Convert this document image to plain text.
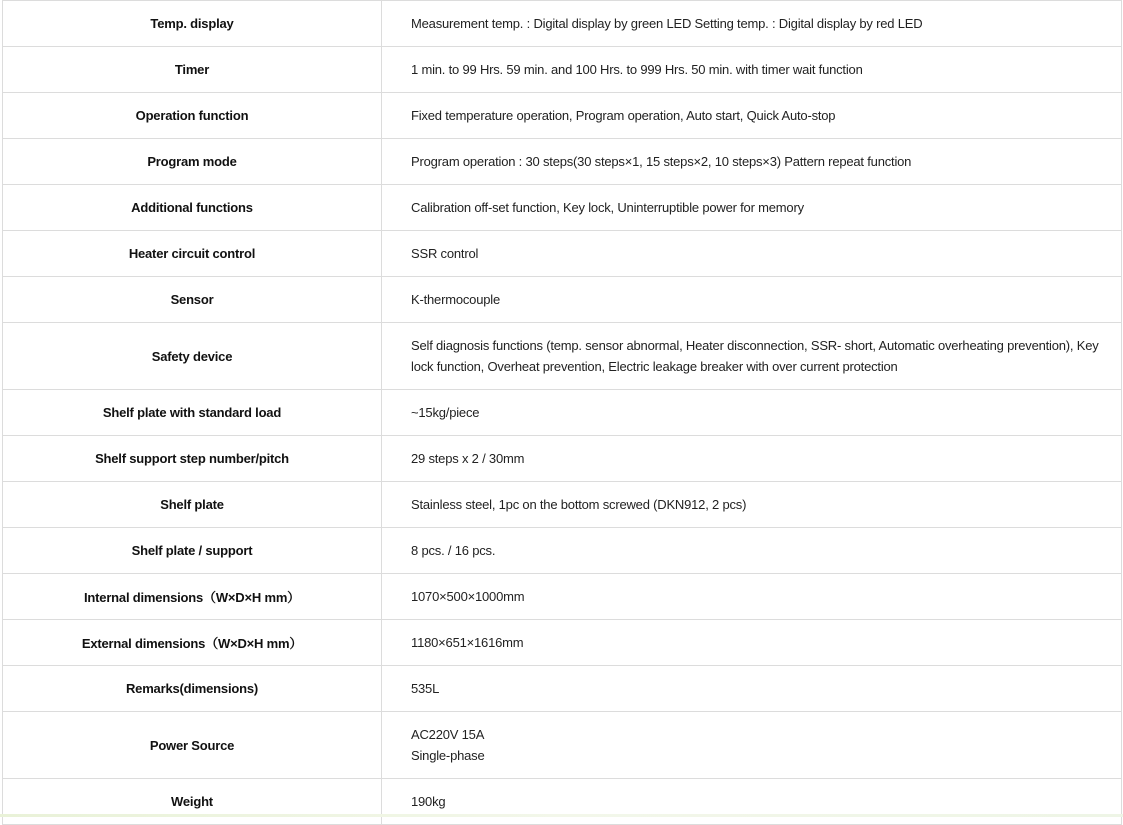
Temp. display	Measurement temp. : Digital display by green LED Setting temp. : Digital display by red LED
Timer	1 min. to 99 Hrs. 59 min. and 100 Hrs. to 999 Hrs. 50 min. with timer wait function
Operation function	Fixed temperature operation, Program operation, Auto start, Quick Auto-stop
Program mode	Program operation : 30 steps(30 steps×1, 15 steps×2, 10 steps×3) Pattern repeat function
Additional functions	Calibration off-set function, Key lock, Uninterruptible power for memory
Heater circuit control	SSR control
Sensor	K-thermocouple
Safety device	Self diagnosis functions (temp. sensor abnormal, Heater disconnection, SSR- short, Automatic overheating prevention), Key lock function, Overheat prevention, Electric leakage breaker with over current protection
Shelf plate with standard load	~15kg/piece
Shelf support step number/pitch	29 steps x 2 / 30mm
Shelf plate	Stainless steel, 1pc on the bottom screwed (DKN912, 2 pcs)
Shelf plate / support	8 pcs. / 16 pcs.
Internal dimensions（W×D×H mm）	1070×500×1000mm
External dimensions（W×D×H mm）	1180×651×1616mm
Remarks(dimensions)	535L
Power Source	AC220V 15A
Single-phase

Weight	190kg
